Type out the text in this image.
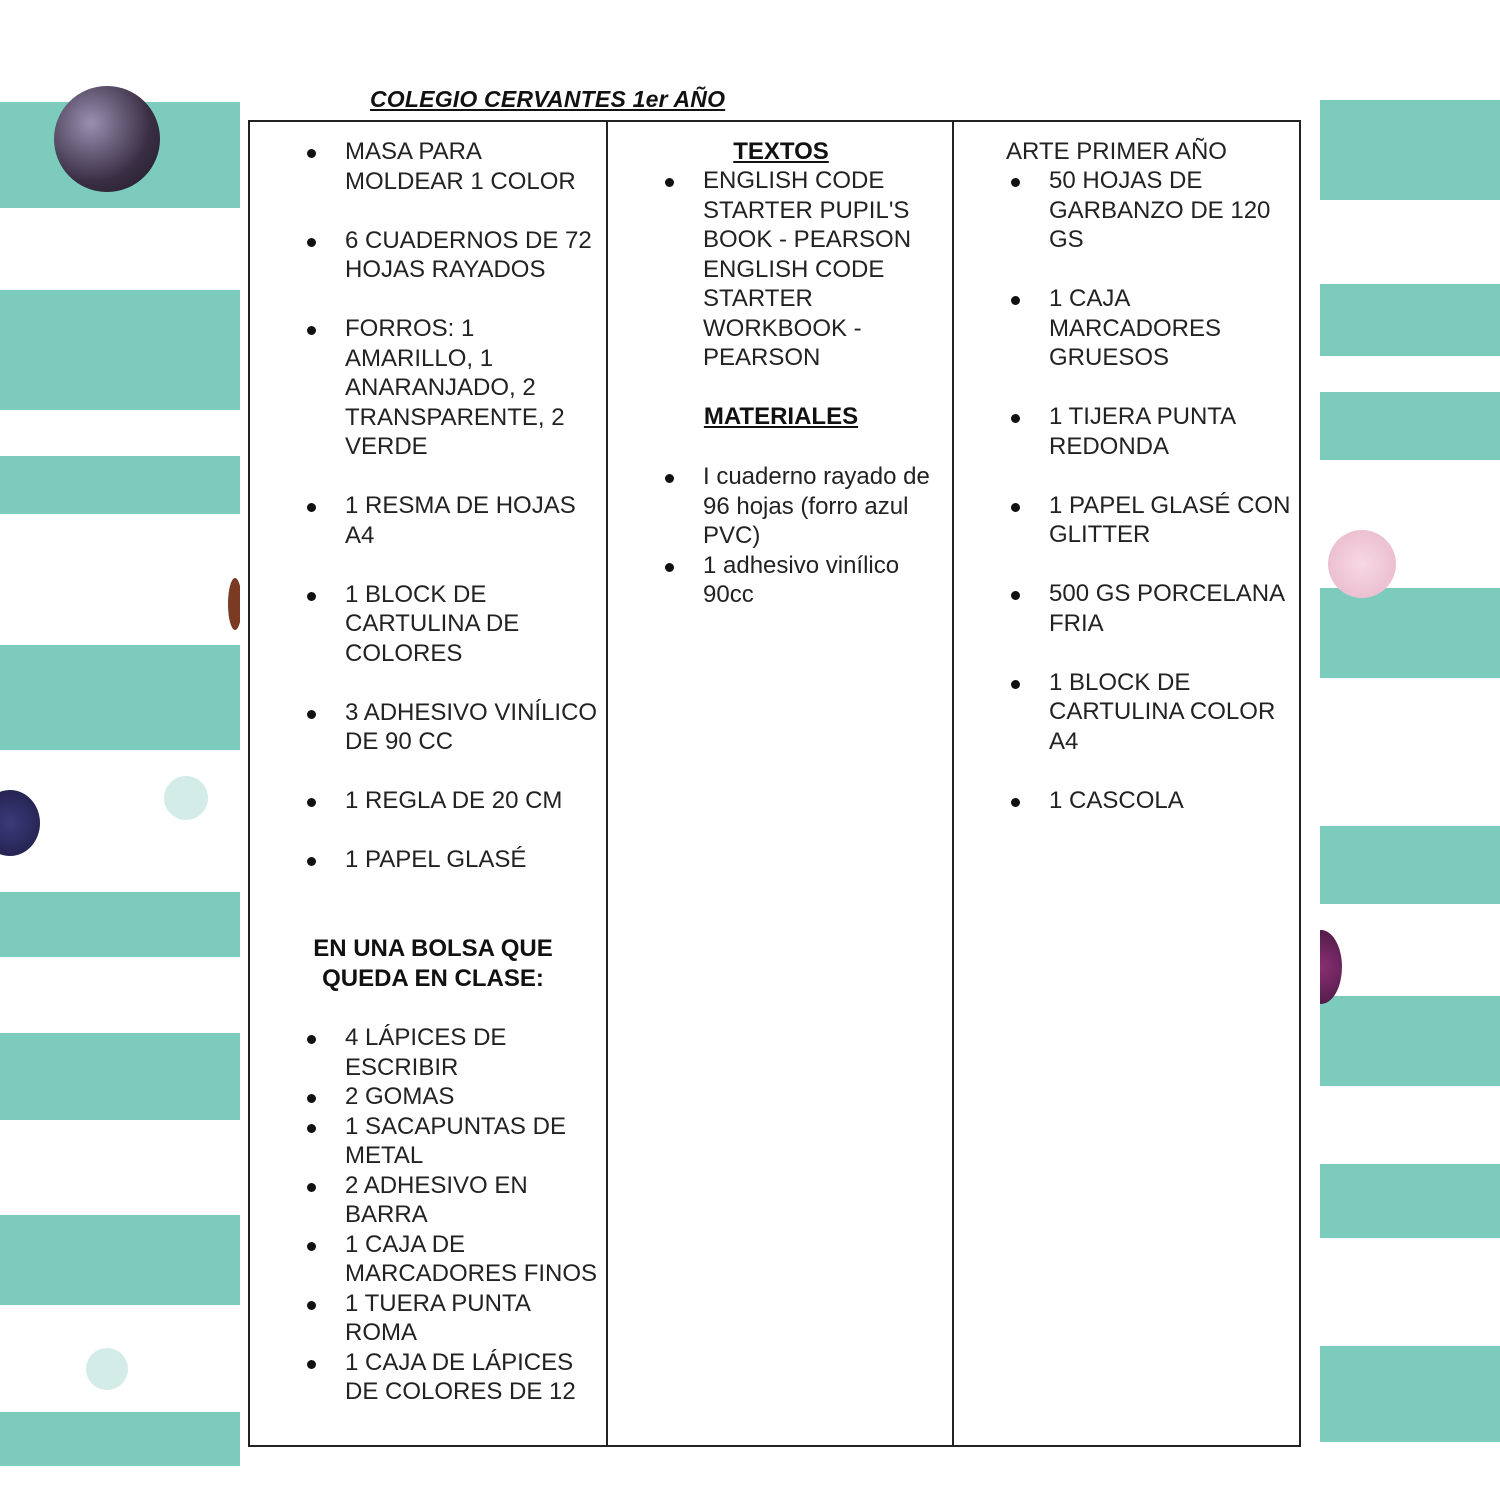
COLEGIO CERVANTES 1er AÑO
MASA PARA MOLDEAR 1 COLOR
6 CUADERNOS DE 72 HOJAS RAYADOS
FORROS: 1 AMARILLO, 1 ANARANJADO, 2 TRANSPARENTE, 2 VERDE
1 RESMA DE HOJAS A4
1 BLOCK DE CARTULINA DE COLORES
3 ADHESIVO VINÍLICO DE 90 CC
1 REGLA DE 20 CM
1 PAPEL GLASÉ
EN UNA BOLSA QUE QUEDA EN CLASE:
4 LÁPICES DE ESCRIBIR
2 GOMAS
1 SACAPUNTAS DE METAL
2 ADHESIVO EN BARRA
1 CAJA DE MARCADORES FINOS
1 TUERA PUNTA ROMA
1 CAJA DE LÁPICES DE COLORES DE 12
TEXTOS
ENGLISH CODE STARTER PUPIL'S BOOK - PEARSON ENGLISH CODE STARTER WORKBOOK - PEARSON
MATERIALES
I cuaderno rayado de 96 hojas (forro azul PVC)
1 adhesivo vinílico 90cc
ARTE PRIMER AÑO
50 HOJAS DE GARBANZO DE 120 GS
1 CAJA MARCADORES GRUESOS
1 TIJERA PUNTA REDONDA
1 PAPEL GLASÉ CON GLITTER
500 GS PORCELANA FRIA
1 BLOCK DE CARTULINA COLOR A4
1 CASCOLA
